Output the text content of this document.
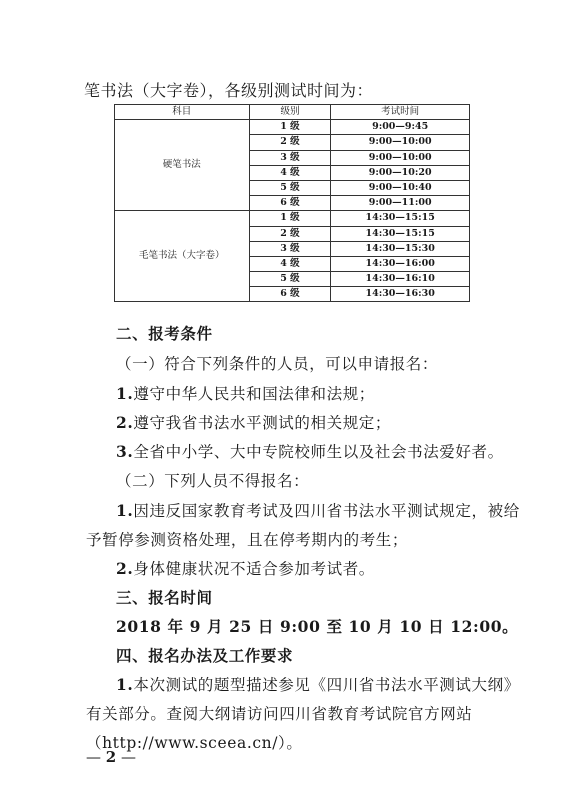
笔书法（大字卷），各级别测试时间为：
科目	级别	考试时间
硬笔书法	1 级	9:00—9:45
	2 级	9:00—10:00
	3 级	9:00—10:00
	4 级	9:00—10:20
	5 级	9:00—10:40
	6 级	9:00—11:00
毛笔书法（大字卷）	1 级	14:30—15:15
	2 级	14:30—15:15
	3 级	14:30—15:30
	4 级	14:30—16:00
	5 级	14:30—16:10
	6 级	14:30—16:30
二、报考条件
（一）符合下列条件的人员，可以申请报名：
1.遵守中华人民共和国法律和法规；
2.遵守我省书法水平测试的相关规定；
3.全省中小学、大中专院校师生以及社会书法爱好者。
（二）下列人员不得报名：
1.因违反国家教育考试及四川省书法水平测试规定，被给
予暂停参测资格处理，且在停考期内的考生；
2.身体健康状况不适合参加考试者。
三、报名时间
2018 年 9 月 25 日 9:00 至 10 月 10 日 12:00。
四、报名办法及工作要求
1.本次测试的题型描述参见《四川省书法水平测试大纲》
有关部分。查阅大纲请访问四川省教育考试院官方网站
（http://www.sceea.cn/）。
— 2 —
